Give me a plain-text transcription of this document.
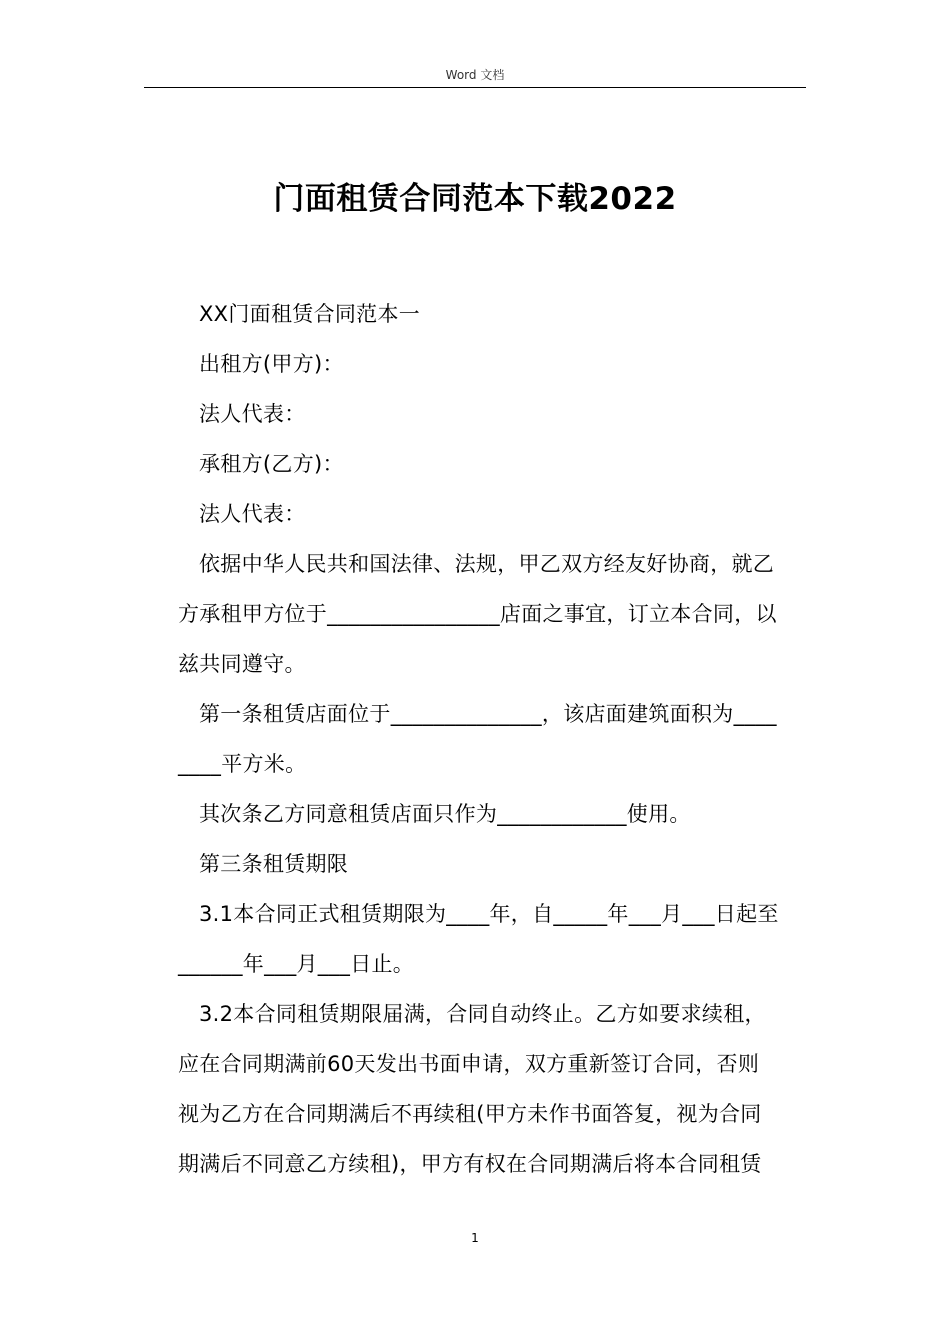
Word 文档
门面租赁合同范本下载2022

XX门面租赁合同范本一

出租方(甲方)：

法人代表：

承租方(乙方)：

法人代表：

依据中华人民共和国法律、法规，甲乙双方经友好协商，就乙
方承租甲方位于________________店面之事宜，订立本合同，以
兹共同遵守。

第一条租赁店面位于______________，该店面建筑面积为____
____平方米。

其次条乙方同意租赁店面只作为____________使用。

第三条租赁期限

3.1本合同正式租赁期限为____年，自_____年___月___日起至
______年___月___日止。

3.2本合同租赁期限届满，合同自动终止。乙方如要求续租，
应在合同期满前60天发出书面申请，双方重新签订合同，否则
视为乙方在合同期满后不再续租(甲方未作书面答复，视为合同
期满后不同意乙方续租)，甲方有权在合同期满后将本合同租赁

1
